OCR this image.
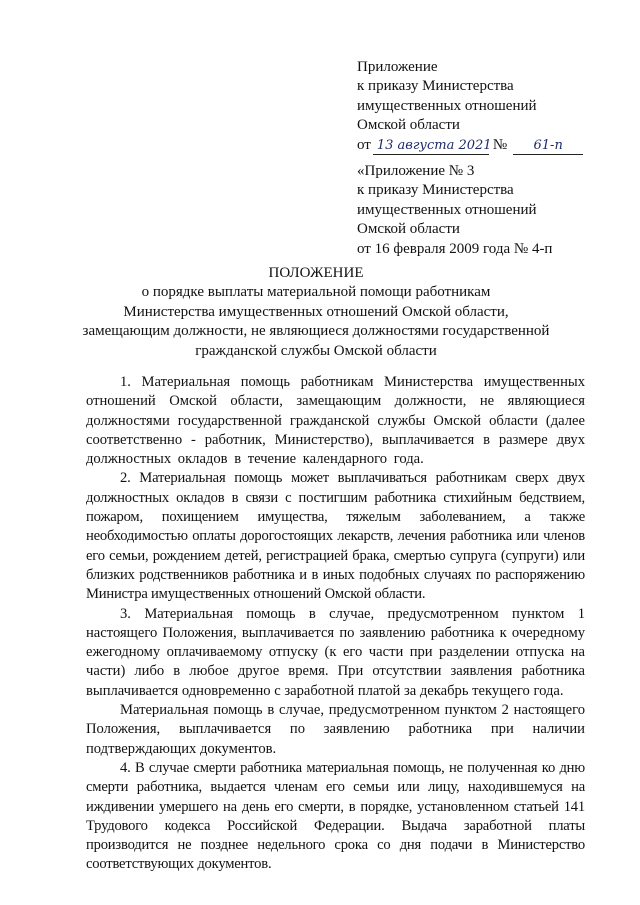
Приложение
к приказу Министерства
имущественных отношений
Омской области
от 13 августа 2021 №	61-п
«Приложение № 3
к приказу Министерства
имущественных отношений
Омской области
от 16 февраля 2009 года № 4-п
ПОЛОЖЕНИЕ
о порядке выплаты материальной помощи работникам
Министерства имущественных отношений Омской области,
замещающим должности, не являющиеся должностями государственной
гражданской службы Омской области

1. Материальная помощь работникам Министерства имущественных отношений Омской области, замещающим должности, не являющиеся должностями государственной гражданской службы Омской области (далее соответственно - работник, Министерство), выплачивается в размере двух должностных окладов в течение календарного года.

2. Материальная помощь может выплачиваться работникам сверх двух должностных окладов в связи с постигшим работника стихийным бедствием, пожаром, похищением имущества, тяжелым заболеванием, а также необходимостью оплаты дорогостоящих лекарств, лечения работника или членов его семьи, рождением детей, регистрацией брака, смертью супруга (супруги) или близких родственников работника и в иных подобных случаях по распоряжению Министра имущественных отношений Омской области.

3. Материальная помощь в случае, предусмотренном пунктом 1 настоящего Положения, выплачивается по заявлению работника к очередному ежегодному оплачиваемому отпуску (к его части при разделении отпуска на части) либо в любое другое время. При отсутствии заявления работника выплачивается одновременно с заработной платой за декабрь текущего года.

Материальная помощь в случае, предусмотренном пунктом 2 настоящего Положения, выплачивается по заявлению работника при наличии подтверждающих документов.

4. В случае смерти работника материальная помощь, не полученная ко дню смерти работника, выдается членам его семьи или лицу, находившемуся на иждивении умершего на день его смерти, в порядке, установленном статьей 141 Трудового кодекса Российской Федерации. Выдача заработной платы производится не позднее недельного срока со дня подачи в Министерство соответствующих документов.
